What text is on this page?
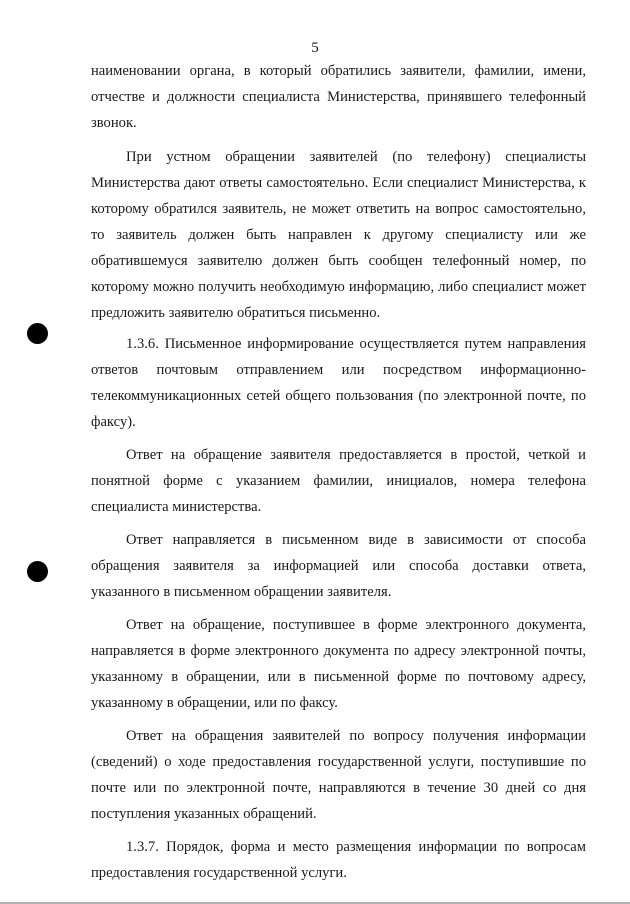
5

наименовании органа, в который обратились заявители, фамилии, имени, отчестве и должности специалиста Министерства, принявшего телефонный звонок.

При устном обращении заявителей (по телефону) специалисты Министерства дают ответы самостоятельно. Если специалист Министерства, к которому обратился заявитель, не может ответить на вопрос самостоятельно, то заявитель должен быть направлен к другому специалисту или же обратившемуся заявителю должен быть сообщен телефонный номер, по которому можно получить необходимую информацию, либо специалист может предложить заявителю обратиться письменно.

1.3.6. Письменное информирование осуществляется путем направления ответов почтовым отправлением или посредством информационно-телекоммуникационных сетей общего пользования (по электронной почте, по факсу).

Ответ на обращение заявителя предоставляется в простой, четкой и понятной форме с указанием фамилии, инициалов, номера телефона специалиста министерства.

Ответ направляется в письменном виде в зависимости от способа обращения заявителя за информацией или способа доставки ответа, указанного в письменном обращении заявителя.

Ответ на обращение, поступившее в форме электронного документа, направляется в форме электронного документа по адресу электронной почты, указанному в обращении, или в письменной форме по почтовому адресу, указанному в обращении, или по факсу.

Ответ на обращения заявителей по вопросу получения информации (сведений) о ходе предоставления государственной услуги, поступившие по почте или по электронной почте, направляются в течение 30 дней со дня поступления указанных обращений.

1.3.7. Порядок, форма и место размещения информации по вопросам предоставления государственной услуги.
